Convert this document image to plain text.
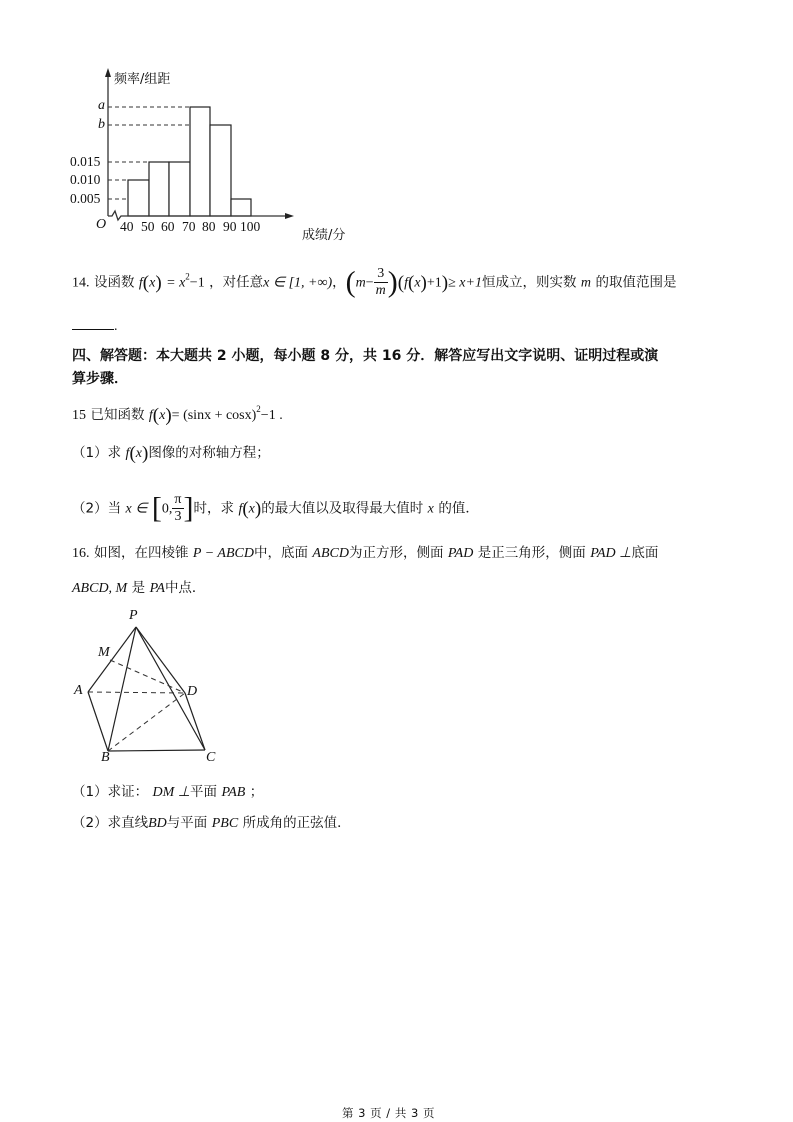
频率/组距
成绩/分
O
a
b
0.015
0.010
0.005
40 50 60 70 80 90 100
14. 设函数 $f(x) = x^2-1$ ，对任意x ∈ [1, +∞)，$(m- \frac{3}{m} )(f(x)+1)\ge x+1$恒成立，则实数 m 的取值范围是
.
四、解答题：本大题共 2 小题，每小题 8 分，共 16 分．解答应写出文字说明、证明过程或演
算步骤．
15 已知函数 $f(x)= (\sin x + \cos x)^2-1$ .
（1）求 f(x)图像的对称轴方程；
（2）当 x ∈ [0, $\frac{\pi}{3}$ ]时，求 f(x)的最大值以及取得最大值时 x 的值．
16. 如图，在四棱锥 P − ABCD中，底面 ABCD为正方形，侧面 PAD 是正三角形，侧面 PAD ⊥底面
ABCD, M 是 PA中点．
P
M
A	D
B	C
（1）求证： DM ⊥平面 PAB ；
（2）求直线BD与平面 PBC 所成角的正弦值．
第 3 页 / 共 3 页
